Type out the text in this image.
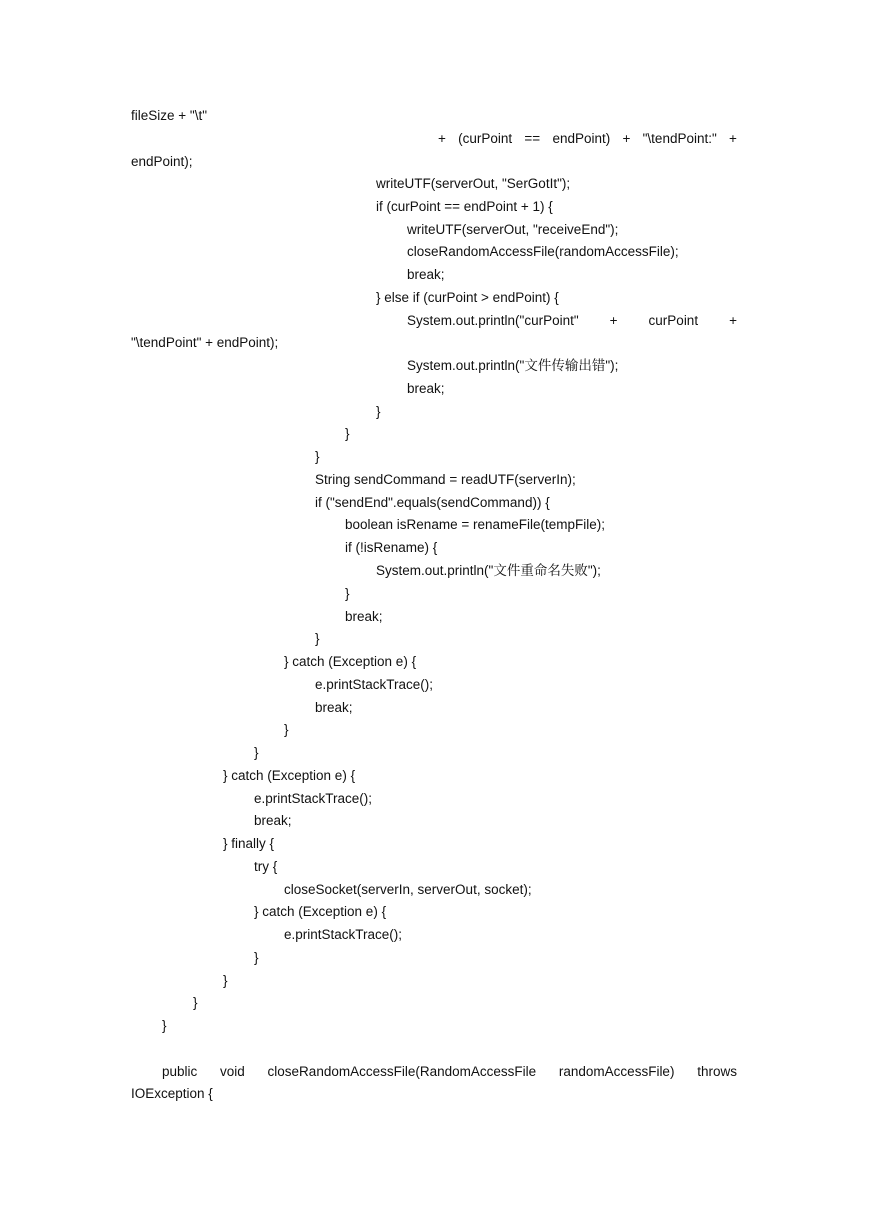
fileSize + "\t"

+ (curPoint == endPoint) + "\tendPoint:" +

endPoint);

writeUTF(serverOut, "SerGotIt");

if (curPoint == endPoint + 1) {

writeUTF(serverOut, "receiveEnd");

closeRandomAccessFile(randomAccessFile);

break;

} else if (curPoint > endPoint) {

System.out.println("curPoint" + curPoint +

"\tendPoint" + endPoint);

System.out.println("文件传输出错");

break;

}

}

}

String sendCommand = readUTF(serverIn);

if ("sendEnd".equals(sendCommand)) {

boolean isRename = renameFile(tempFile);

if (!isRename) {

System.out.println("文件重命名失败");

}

break;

}

} catch (Exception e) {

e.printStackTrace();

break;

}

}

} catch (Exception e) {

e.printStackTrace();

break;

} finally {

try {

closeSocket(serverIn, serverOut, socket);

} catch (Exception e) {

e.printStackTrace();

}

}

}

}

public void closeRandomAccessFile(RandomAccessFile randomAccessFile) throws

IOException {
